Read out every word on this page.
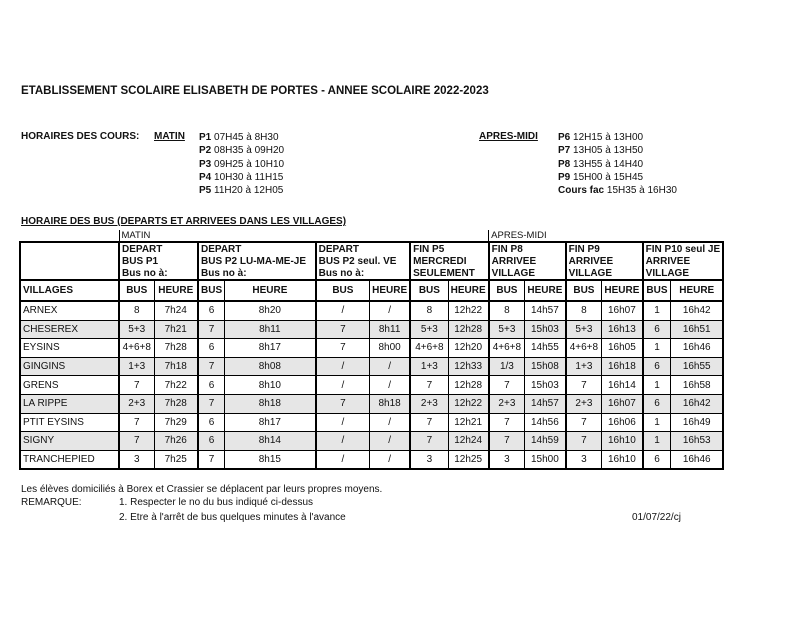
ETABLISSEMENT SCOLAIRE ELISABETH DE PORTES - ANNEE SCOLAIRE 2022-2023
HORAIRES DES COURS: MATIN P1 07H45 à 8H30
P2 08H35 à 09H20
P3 09H25 à 10H10
P4 10H30 à 11H15
P5 11H20 à 12H05
APRES-MIDI P6 12H15 à 13H00
P7 13H05 à 13H50
P8 13H55 à 14H40
P9 15H00 à 15H45
Cours fac 15H35 à 16H30
HORAIRE DES BUS (DEPARTS ET ARRIVEES DANS LES VILLAGES)
	MATIN								APRES-MIDI					
	DEPART		DEPART		DEPART		FIN P5		FIN P8		FIN P9		FIN P10 seul JE	
	BUS P1		BUS P2 LU-MA-ME-JE		BUS P2 seul. VE		MERCREDI		ARRIVEE		ARRIVEE		ARRIVEE	
	Bus no à:		Bus no à:		Bus no à:		SEULEMENT		VILLAGE		VILLAGE		VILLAGE	
VILLAGES	BUS	HEURE	BUS	HEURE	BUS	HEURE	BUS	HEURE	BUS	HEURE	BUS	HEURE	BUS	HEURE
ARNEX	8	7h24	6	8h20	/	/	8	12h22	8	14h57	8	16h07	1	16h42
CHESEREX	5+3	7h21	7	8h11	7	8h11	5+3	12h28	5+3	15h03	5+3	16h13	6	16h51
EYSINS	4+6+8	7h28	6	8h17	7	8h00	4+6+8	12h20	4+6+8	14h55	4+6+8	16h05	1	16h46
GINGINS	1+3	7h18	7	8h08	/	/	1+3	12h33	1/3	15h08	1+3	16h18	6	16h55
GRENS	7	7h22	6	8h10	/	/	7	12h28	7	15h03	7	16h14	1	16h58
LA RIPPE	2+3	7h28	7	8h18	7	8h18	2+3	12h22	2+3	14h57	2+3	16h07	6	16h42
PTIT EYSINS	7	7h29	6	8h17	/	/	7	12h21	7	14h56	7	16h06	1	16h49
SIGNY	7	7h26	6	8h14	/	/	7	12h24	7	14h59	7	16h10	1	16h53
TRANCHEPIED	3	7h25	7	8h15	/	/	3	12h25	3	15h00	3	16h10	6	16h46
Les élèves domiciliés à Borex et Crassier se déplacent par leurs propres moyens.
REMARQUE:	1. Respecter le no du bus indiqué ci-dessus
2. Etre à l'arrêt de bus quelques minutes à l'avance	01/07/22/cj
